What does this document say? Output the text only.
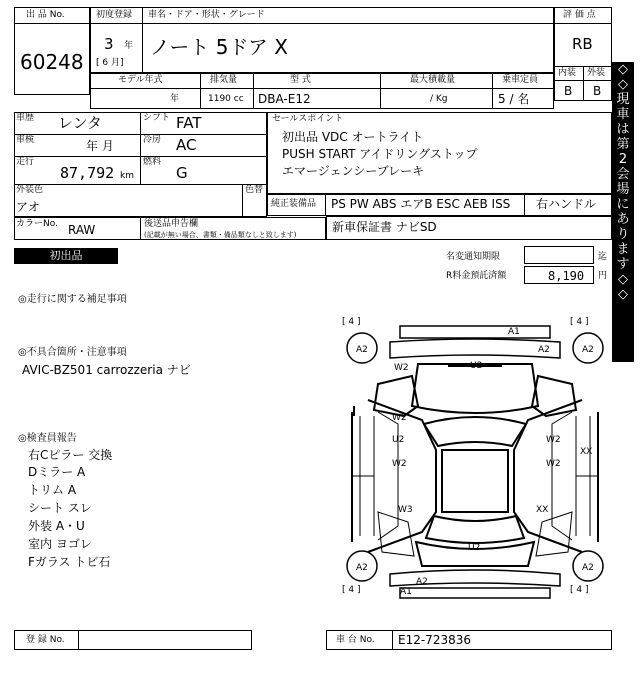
出 品 No.
60248
初度登録 車名・ドア・形状・グレード
3 年
[ 6 月]
ノート 5ドア X
評 価 点
RB
内装 外装
B B
モデル年式	排気量	型 式	最大積載量	乗車定員
年	1190 cc DBA-E12	/ Kg	5 / 名
車歴 レンタ	シフト FAT
車検	年 月	冷房 AC
走行
87,792 km
燃料
G
外装色
アオ
色替
カラーNo. RAW	後送品申告欄
(記載が無い場合、書類・備品類なしと致します)
セールスポイント
初出品 VDC オートライト
PUSH START アイドリングストップ
エマージェンシーブレーキ
純正装備品 PS PW ABS エアB ESC AEB ISS 右ハンドル
新車保証書 ナビSD
初出品	名変通知期限	迄
R料金預託済額	8,190 円
◇
◇
現
車
は
第
2
会
場
に
あ
り
ま
す
◇
◇
◎走行に関する補足事項
◎不具合箇所・注意事項
AVIC-BZ501 carrozzeria ナビ
◎検査員報告
右Cピラー 交換
Dミラー A
トリム A
シート スレ
外装 A・U
室内 ヨゴレ
Fガラス トビ石
[ 4 ]	[ 4 ]
[ 4 ]	[ 4 ]
A1
A2
A2	A2
W2	U2
W2
U2
W2
W2
W2
XX
W3	XX
U2
A2	A2
A2
A1
登 録 No.	車 台 No. E12-723836
